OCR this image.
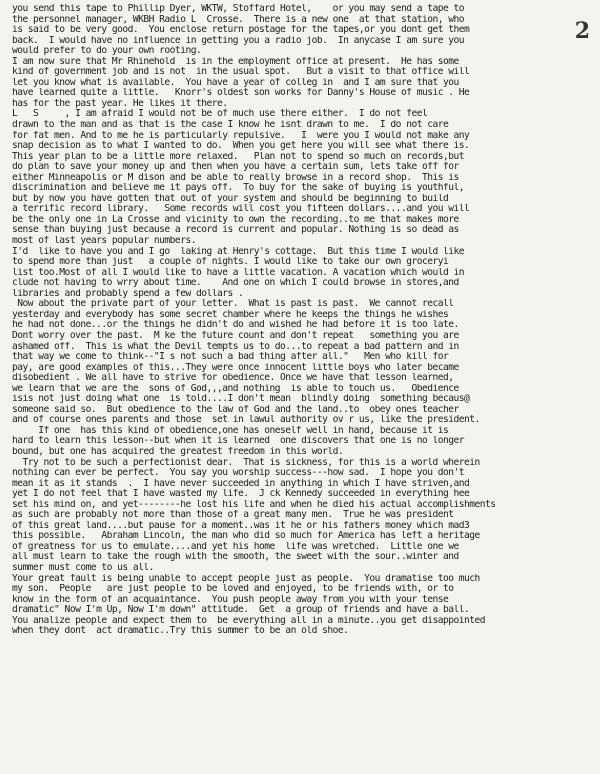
2
you send this tape to Phillip Dyer, WKTW, Stoffard Hotel,    or you may send a tape to
the personnel manager, WKBH Radio L  Crosse.  There is a new one  at that station, who
is said to be very good.  You enclose return postage for the tapes,or you dont get them
back.  I would have no influence in getting you a radio job.  In anycase I am sure you
would prefer to do your own rooting.
I am now sure that Mr Rhinehold  is in the employment office at present.  He has some
kind of government job and is not  in the usual spot.   But a visit to that office will
let you know what is available.  You have a year of colleg in  and I am sure that you
have learned quite a little.   Knorr's oldest son works for Danny's House of music . He
has for the past year. He likes it there.
L   S     , I am afraid I would not be of much use there either.  I do not feel
drawn to the man and as that is the case I know he isnt drawn to me.  I do not care
for fat men. And to me he is particularly repulsive.   I  were you I would not make any
snap decision as to what I wanted to do.  When you get here you will see what there is.
This year plan to be a little more relaxed.   Plan not to spend so much on records,but
do plan to save your money up and then when you have a certain sum, lets take off for
either Minneapolis or M dison and be able to really browse in a record shop.  This is
discrimination and believe me it pays off.  To buy for the sake of buying is youthful,
but by now you have gotten that out of your system and should be beginning to build
a terrific record library.   Some records will cost you fifteen dollars....and you will
be the only one in La Crosse and vicinity to own the recording..to me that makes more
sense than buying just because a record is current and popular. Nothing is so dead as
most of last years popular numbers.
I'd  like to have you and I go  laking at Henry's cottage.  But this time I would like
to spend more than just   a couple of nights. I would like to take our own groceryi
list too.Most of all I would like to have a little vacation. A vacation which would in
clude not having to wrry about time.    And one on which I could browse in stores,and
libraries and probably spend a few dollars .
Now about the private part of your letter.  What is past is past.  We cannot recall
yesterday and everybody has some secret chamber where he keeps the things he wishes
he had not done...or the things he didn't do and wished he had before it is too late.
Dont worry over the past.  M ke the future count and don't repeat   something you are
ashamed off.  This is what the Devil tempts us to do...to repeat a bad pattern and in
that way we come to think--"I s not such a bad thing after all."   Men who kill for
pay, are good examples of this...They were once innocent little boys who later became
disobedient . We all have to strive for obedience. Once we have that lesson learned,
we learn that we are the  sons of God,,,and nothing  is able to touch us.   Obedience
isis not just doing what one  is told....I don't mean  blindly doing  something becaus@
someone said so.  But obedience to the law of God and the land..to  obey ones teacher
and of course ones parents and those  set in lawul authority ov r us, like the president.
If one  has this kind of obedience,one has oneself well in hand, because it is
hard to learn this lesson--but when it is learned  one discovers that one is no longer
bound, but one has acquired the greatest freedom in this world.
Try not to be such a perfectionist dear.  That is sickness, for this is a world wherein
nothing can ever be perfect.  You say you worship success---how sad.  I hope you don't
mean it as it stands  .  I have never succeeded in anything in which I have striven,and
yet I do not feel that I have wasted my life.  J ck Kennedy succeeded in everything hee
set his mind on, and yet--------he lost his life and when he died his actual accomplishments
as such are probably not more than those of a great many men.  True he was president
of this great land....but pause for a moment..was it he or his fathers money which mad3
this possible.   Abraham Lincoln, the man who did so much for America has left a heritage
of greatness for us to emulate....and yet his home  life was wretched.  Little one we
all must learn to take the rough with the smooth, the sweet with the sour..winter and
summer must come to us all.
Your great fault is being unable to accept people just as people.  You dramatise too much
my son.  People   are just people to be loved and enjoyed, to be friends with, or to
know in the form of an acquaintance.  You push people away from you with your tense
dramatic" Now I'm Up, Now I'm down" attitude.  Get  a group of friends and have a ball.
You analize people and expect them to  be everything all in a minute..you get disappointed
when they dont  act dramatic..Try this summer to be an old shoe.
